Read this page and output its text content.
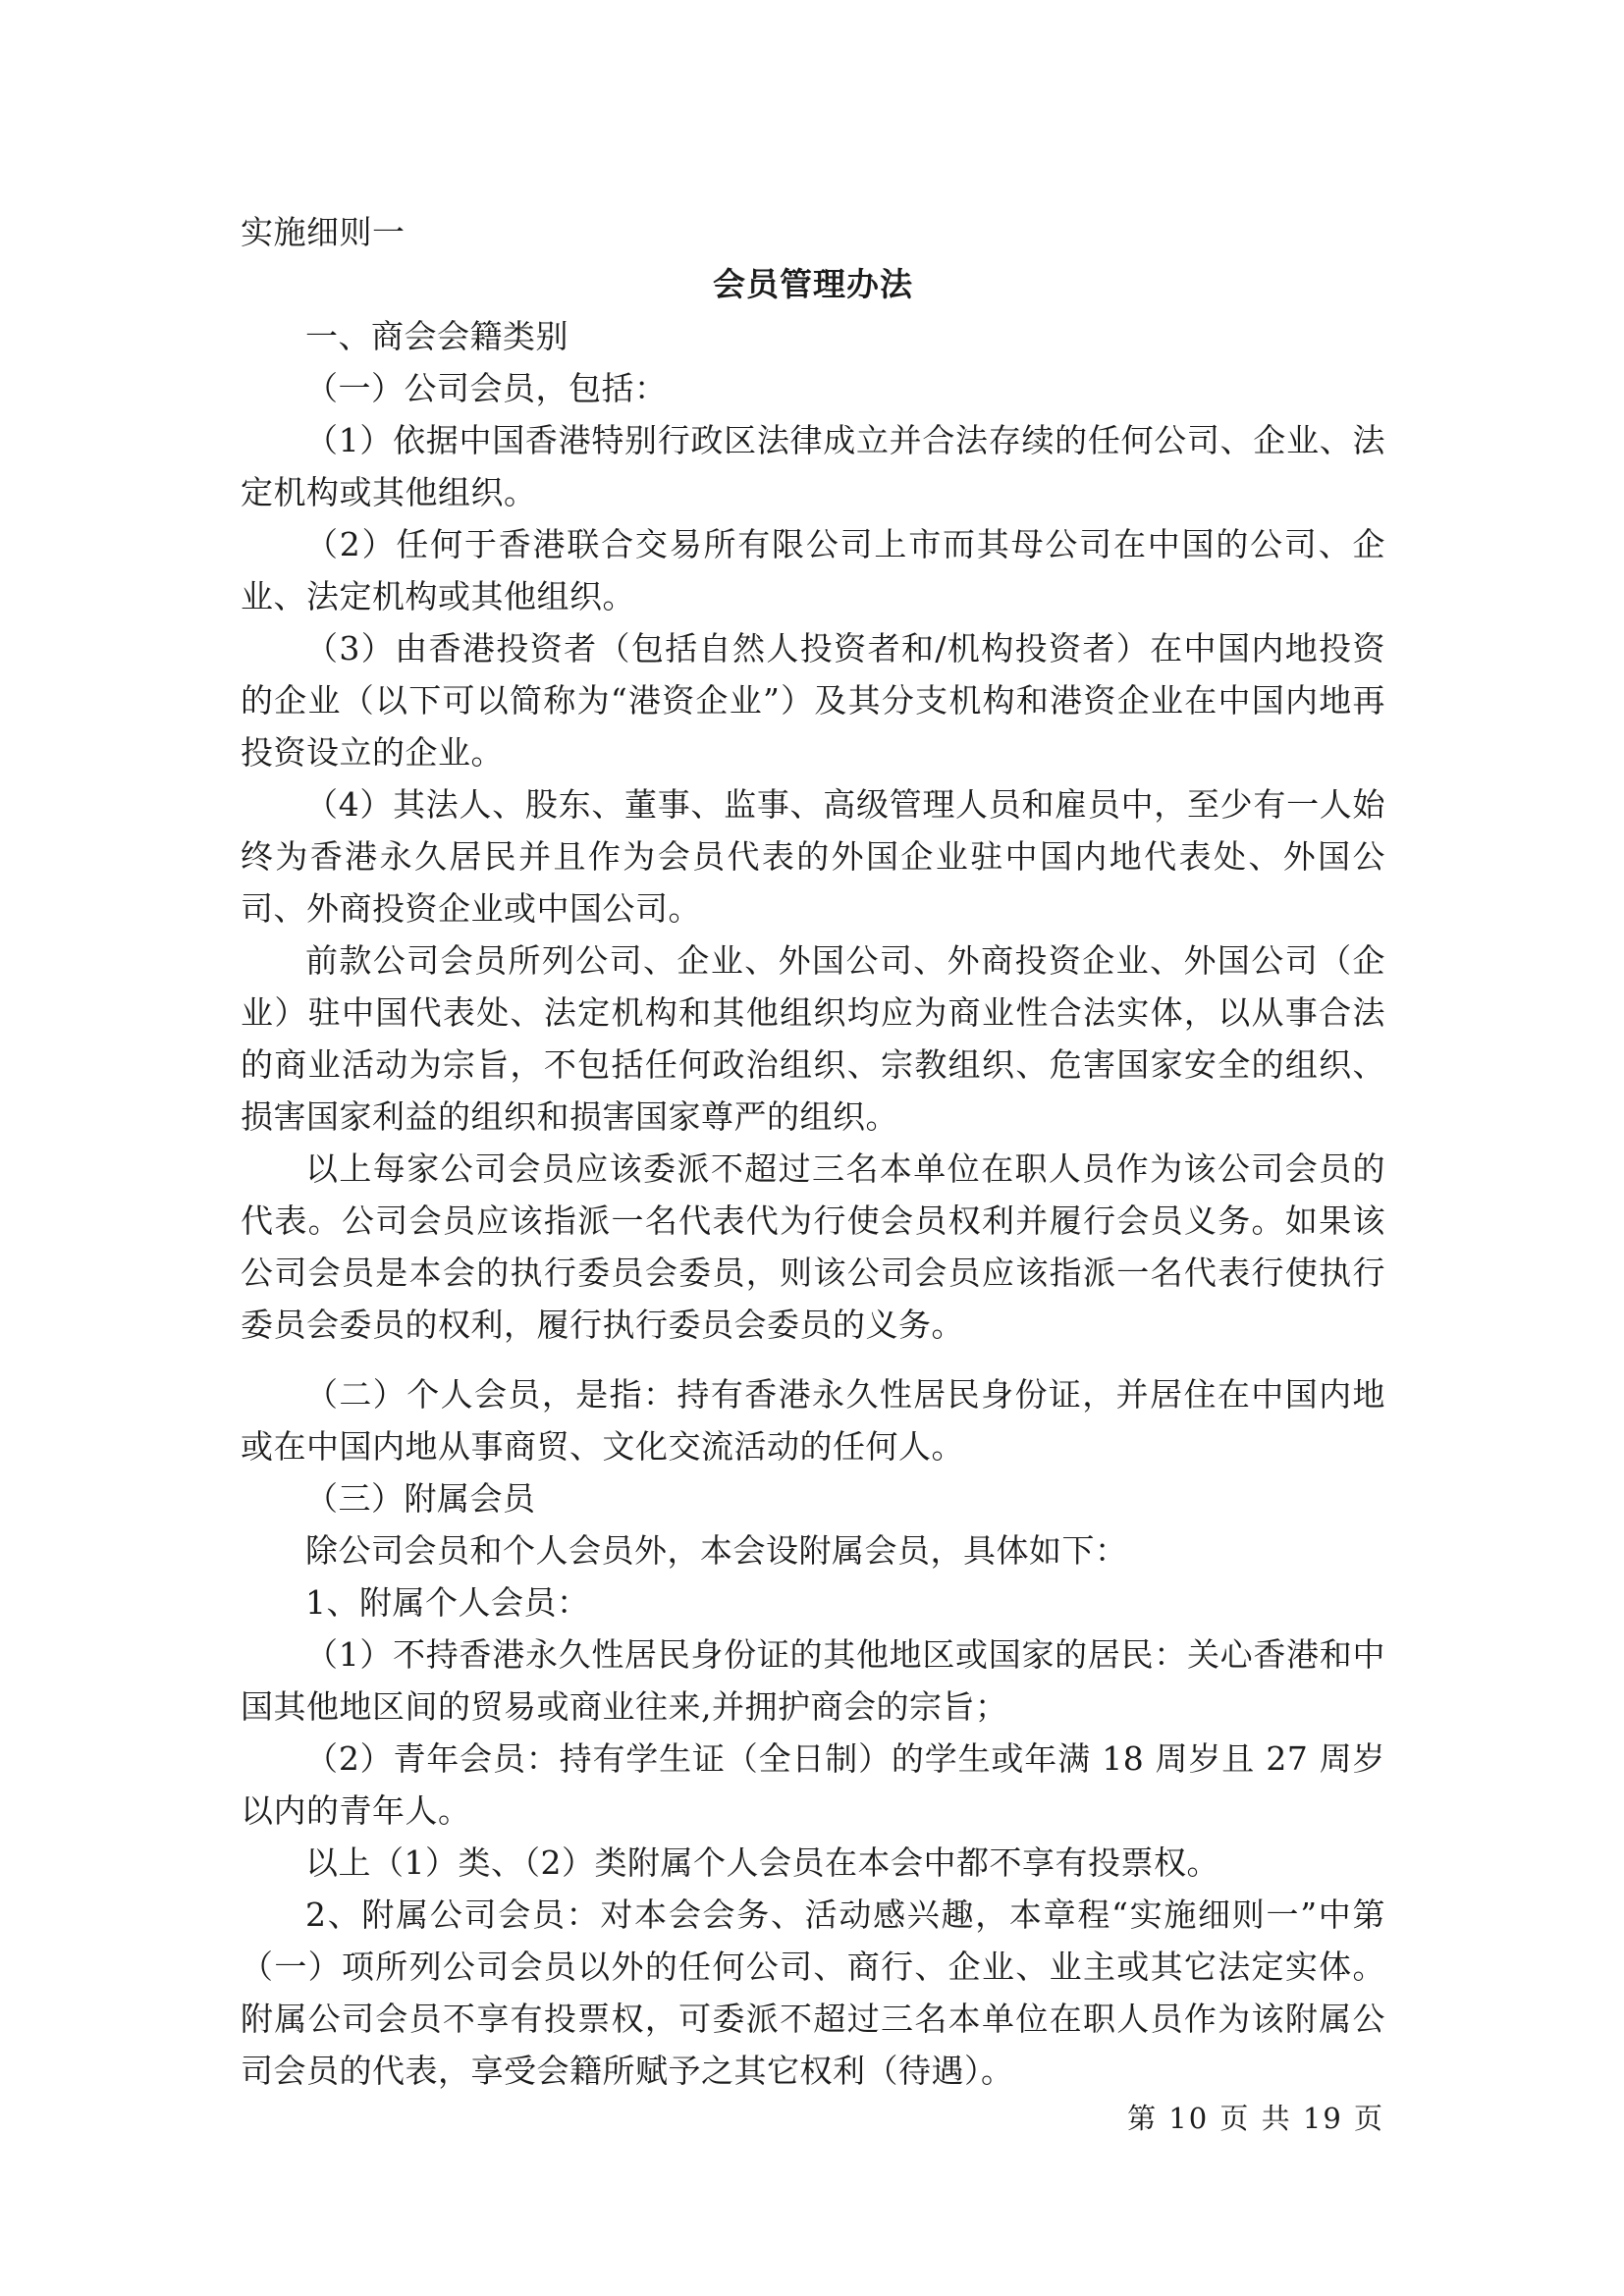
实施细则一

会员管理办法

一、商会会籍类别

（一）公司会员，包括：

（1）依据中国香港特别行政区法律成立并合法存续的任何公司、企业、法定机构或其他组织。

（2）任何于香港联合交易所有限公司上市而其母公司在中国的公司、企业、法定机构或其他组织。

（3）由香港投资者（包括自然人投资者和/机构投资者）在中国内地投资的企业（以下可以简称为“港资企业”）及其分支机构和港资企业在中国内地再投资设立的企业。

（4）其法人、股东、董事、监事、高级管理人员和雇员中，至少有一人始终为香港永久居民并且作为会员代表的外国企业驻中国内地代表处、外国公司、外商投资企业或中国公司。

前款公司会员所列公司、企业、外国公司、外商投资企业、外国公司（企业）驻中国代表处、法定机构和其他组织均应为商业性合法实体，以从事合法的商业活动为宗旨，不包括任何政治组织、宗教组织、危害国家安全的组织、损害国家利益的组织和损害国家尊严的组织。

以上每家公司会员应该委派不超过三名本单位在职人员作为该公司会员的代表。公司会员应该指派一名代表代为行使会员权利并履行会员义务。如果该公司会员是本会的执行委员会委员，则该公司会员应该指派一名代表行使执行委员会委员的权利，履行执行委员会委员的义务。

（二）个人会员，是指：持有香港永久性居民身份证，并居住在中国内地或在中国内地从事商贸、文化交流活动的任何人。

（三）附属会员

除公司会员和个人会员外，本会设附属会员，具体如下：

1、附属个人会员：

（1）不持香港永久性居民身份证的其他地区或国家的居民：关心香港和中国其他地区间的贸易或商业往来,并拥护商会的宗旨；

（2）青年会员：持有学生证（全日制）的学生或年满 18 周岁且 27 周岁以内的青年人。

以上（1）类、（2）类附属个人会员在本会中都不享有投票权。

2、附属公司会员：对本会会务、活动感兴趣，本章程“实施细则一”中第（一）项所列公司会员以外的任何公司、商行、企业、业主或其它法定实体。附属公司会员不享有投票权，可委派不超过三名本单位在职人员作为该附属公司会员的代表，享受会籍所赋予之其它权利（待遇）。

第 10 页 共 19 页
